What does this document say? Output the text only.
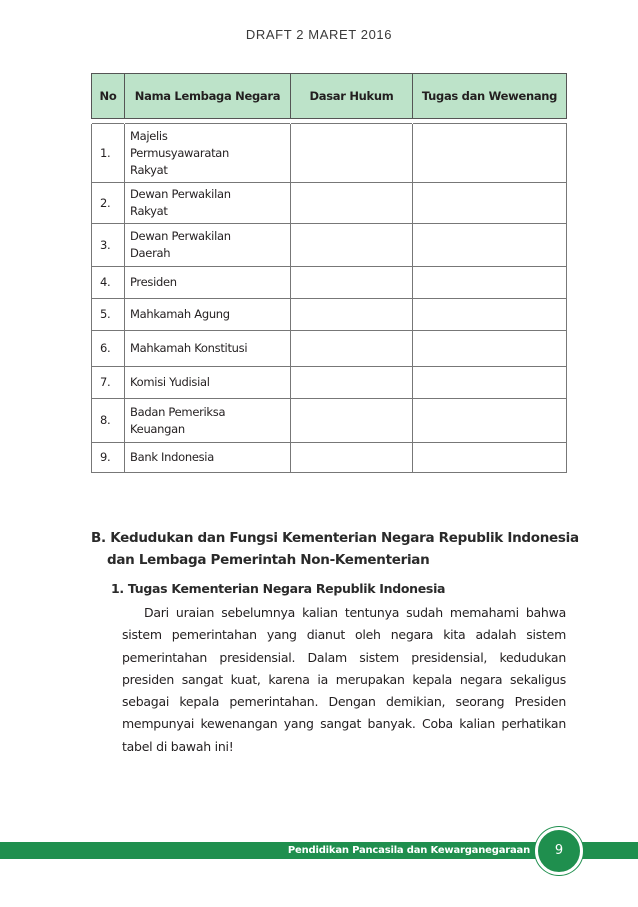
DRAFT 2 MARET 2016
No	Nama Lembaga Negara	Dasar Hukum	Tugas dan Wewenang

1.	Majelis
Permusyawaratan
Rakyat		

2.	Dewan Perwakilan
Rakyat		

3.	Dewan Perwakilan
Daerah		

4.	Presiden		

5.	Mahkamah Agung		

6.	Mahkamah Konstitusi		

7.	Komisi Yudisial		

8.	Badan Pemeriksa
Keuangan		

9.	Bank Indonesia		

B. Kedudukan dan Fungsi Kementerian Negara Republik Indonesia
dan Lembaga Pemerintah Non-Kementerian
1. Tugas Kementerian Negara Republik Indonesia

Dari uraian sebelumnya kalian tentunya sudah memahami bahwa sistem pemerintahan yang dianut oleh negara kita adalah sistem pemerintahan presidensial. Dalam sistem presidensial, kedudukan presiden sangat kuat, karena ia merupakan kepala negara sekaligus sebagai kepala pemerintahan. Dengan demikian, seorang Presiden mempunyai kewenangan yang sangat banyak. Coba kalian perhatikan tabel di bawah ini!

Pendidikan Pancasila dan Kewarganegaraan	9
